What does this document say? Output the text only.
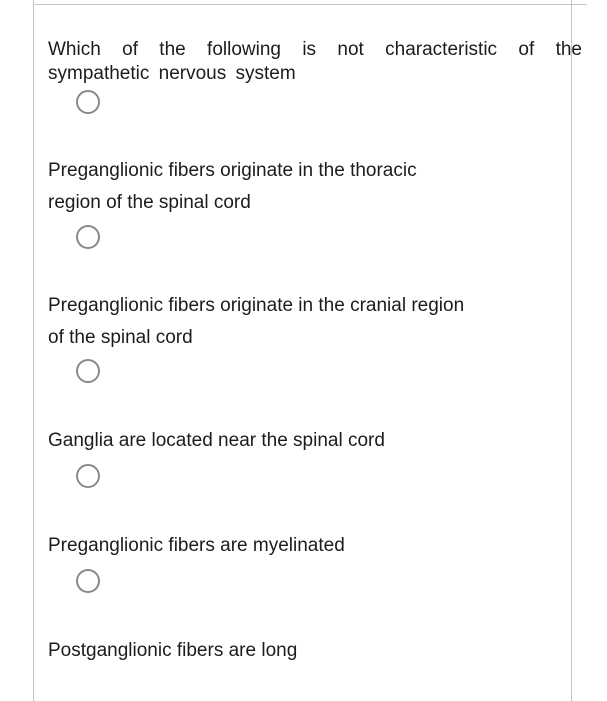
Which of the following is not characteristic of the
sympathetic nervous system
Preganglionic fibers originate in the thoracic region of the spinal cord
Preganglionic fibers originate in the cranial region of the spinal cord
Ganglia are located near the spinal cord
Preganglionic fibers are myelinated
Postganglionic fibers are long
